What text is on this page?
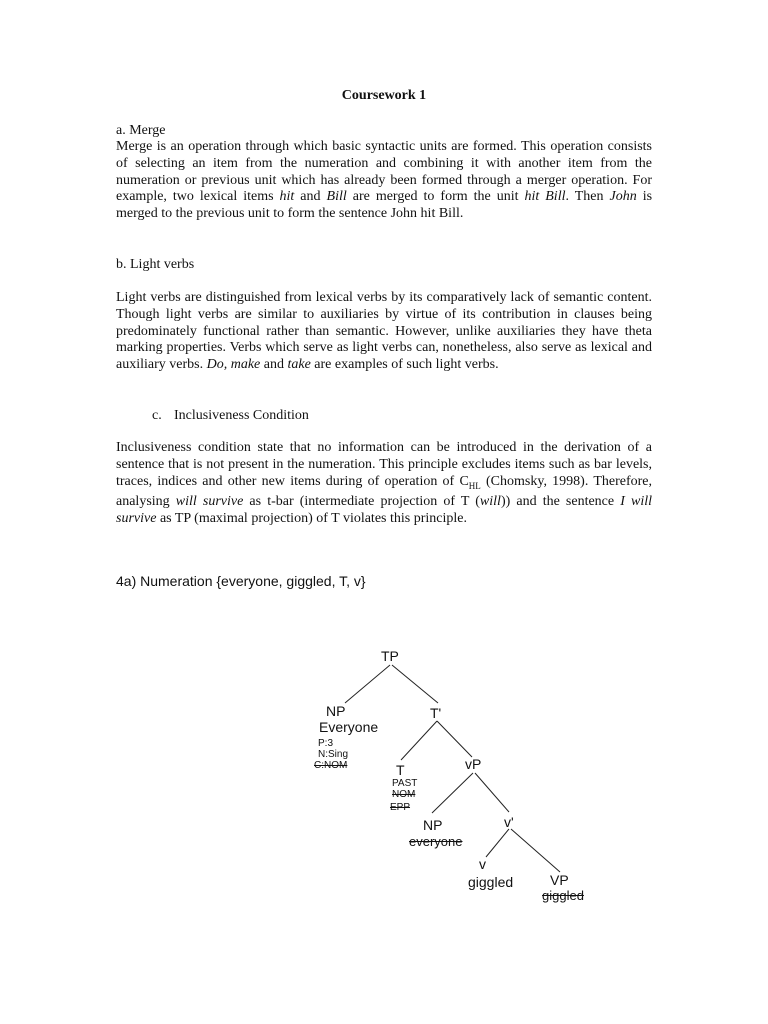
Coursework 1
a. Merge

Merge is an operation through which basic syntactic units are formed. This operation consists of selecting an item from the numeration and combining it with another item from the numeration or previous unit which has already been formed through a merger operation. For example, two lexical items hit and Bill are merged to form the unit hit Bill. Then John is merged to the previous unit to form the sentence John hit Bill.

b. Light verbs

Light verbs are distinguished from lexical verbs by its comparatively lack of semantic content. Though light verbs are similar to auxiliaries by virtue of its contribution in clauses being predominately functional rather than semantic. However, unlike auxiliaries they have theta marking properties. Verbs which serve as light verbs can, nonetheless, also serve as lexical and auxiliary verbs. Do, make and take are examples of such light verbs.

c. Inclusiveness Condition

Inclusiveness condition state that no information can be introduced in the derivation of a sentence that is not present in the numeration. This principle excludes items such as bar levels, traces, indices and other new items during of operation of $C_{HL}$ (Chomsky, 1998). Therefore, analysing will survive as t-bar (intermediate projection of T (will)) and the sentence I will survive as TP (maximal projection) of T violates this principle.

4a) Numeration {everyone, giggled, T, v}
TP
NP
Everyone
P:3
N:Sing
C:NOM
T'
T
PAST
NOM
EPP
vP
NP
everyone
v'
v
giggled	VP
giggled
